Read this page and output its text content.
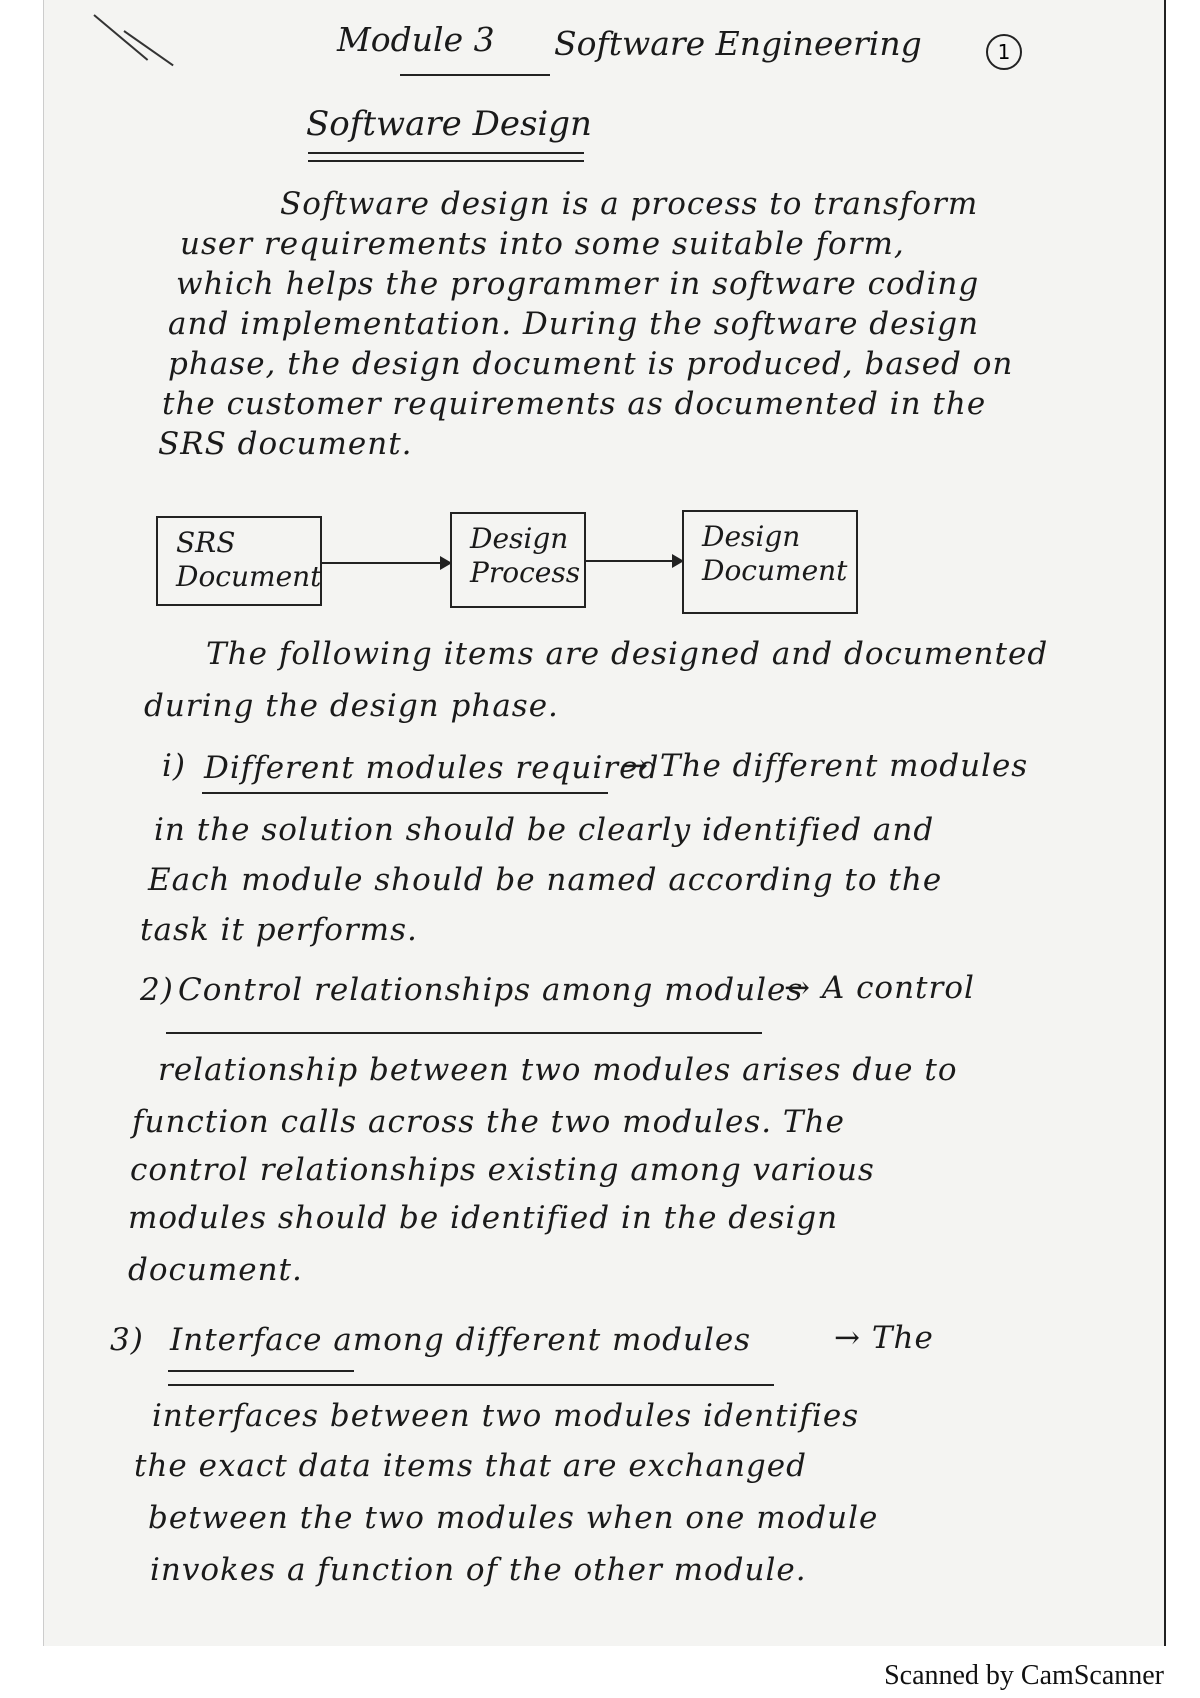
Module 3 Software Engineering	1
Software Design
Software design is a process to transform
user requirements into some suitable form,
which helps the programmer in software coding
and implementation. During the software design
phase, the design document is produced, based on
the customer requirements as documented in the
SRS document.
SRS
Document
Design
Process
Design
Document
The following items are designed and documented
during the design phase.
i) Different modules required
→ The different modules
in the solution should be clearly identified and
Each module should be named according to the
task it performs.
2) Control relationships among modules
→ A control
relationship between two modules arises due to
function calls across the two modules. The
control relationships existing among various
modules should be identified in the design
document.
3) Interface among different modules	→ The
interfaces between two modules identifies
the exact data items that are exchanged
between the two modules when one module
invokes a function of the other module.
Scanned by CamScanner
